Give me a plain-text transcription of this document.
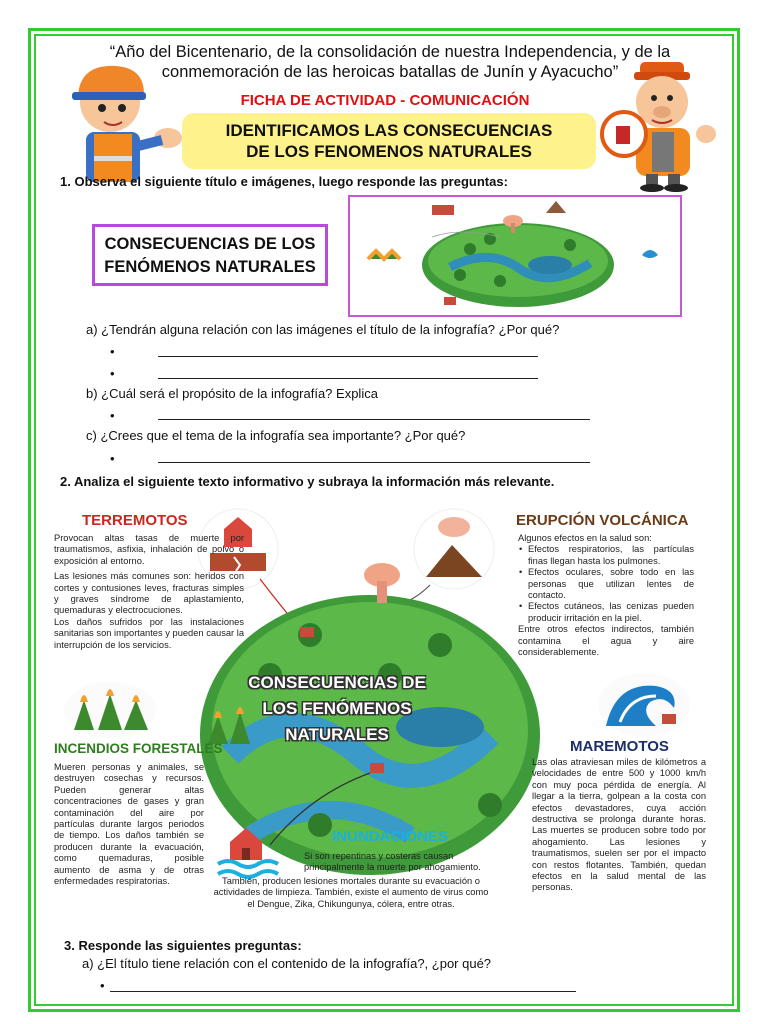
“Año del Bicentenario, de la consolidación de nuestra Independencia, y de la conmemoración de las heroicas batallas de Junín y Ayacucho”
FICHA DE ACTIVIDAD - COMUNICACIÓN
IDENTIFICAMOS LAS CONSECUENCIAS
DE LOS FENOMENOS NATURALES
1. Observa el siguiente título e imágenes, luego responde las preguntas:
CONSECUENCIAS DE LOS
FENÓMENOS NATURALES
a) ¿Tendrán alguna relación con las imágenes el título de la infografía? ¿Por qué?
•
•
b) ¿Cuál será el propósito de la infografía? Explica
•
c) ¿Crees que el tema de la infografía sea importante? ¿Por qué?
•
2. Analiza el siguiente texto informativo y subraya la información más relevante.
CONSECUENCIAS DE
LOS FENÓMENOS
NATURALES
TERREMOTOS
Provocan altas tasas de muerte por traumatismos, asfixia, inhalación de polvo o exposición al entorno.
Las lesiones más comunes son: heridos con cortes y contusiones leves, fracturas simples y graves síndrome de aplastamiento, quemaduras y electrocuciones.
Los daños sufridos por las instalaciones sanitarias son importantes y pueden causar la interrupción de los servicios.
ERUPCIÓN VOLCÁNICA
Algunos efectos en la salud son:
• Efectos respiratorios, las partículas finas llegan hasta los pulmones.
• Efectos oculares, sobre todo en las personas que utilizan lentes de contacto.
• Efectos cutáneos, las cenizas pueden producir irritación en la piel.
Entre otros efectos indirectos, también contamina el agua y aire considerablemente.
INCENDIOS FORESTALES
Mueren personas y animales, se destruyen cosechas y recursos. Pueden generar altas concentraciones de gases y gran contaminación del aire por partículas durante largos periodos de tiempo. Los daños también se producen durante la evacuación, como quemaduras, posible aumento de asma y de otras enfermedades respiratorias.
MAREMOTOS
Las olas atraviesan miles de kilómetros a velocidades de entre 500 y 1000 km/h con muy poca pérdida de energía. Al llegar a la tierra, golpean a la costa con efectos devastadores, cuya acción destructiva se prolonga durante horas. Las muertes se producen sobre todo por ahogamiento. Las lesiones y traumatismos, suelen ser por el impacto con restos flotantes. También, quedan efectos en la salud mental de las personas.
INUNDACIONES
Si son repentinas y costeras causan principalmente la muerte por ahogamiento.
También, producen lesiones mortales durante su evacuación o actividades de limpieza. También, existe el aumento de virus como el Dengue, Zika, Chikungunya, cólera, entre otras.
3. Responde las siguientes preguntas:
a) ¿El título tiene relación con el contenido de la infografía?, ¿por qué?
•
